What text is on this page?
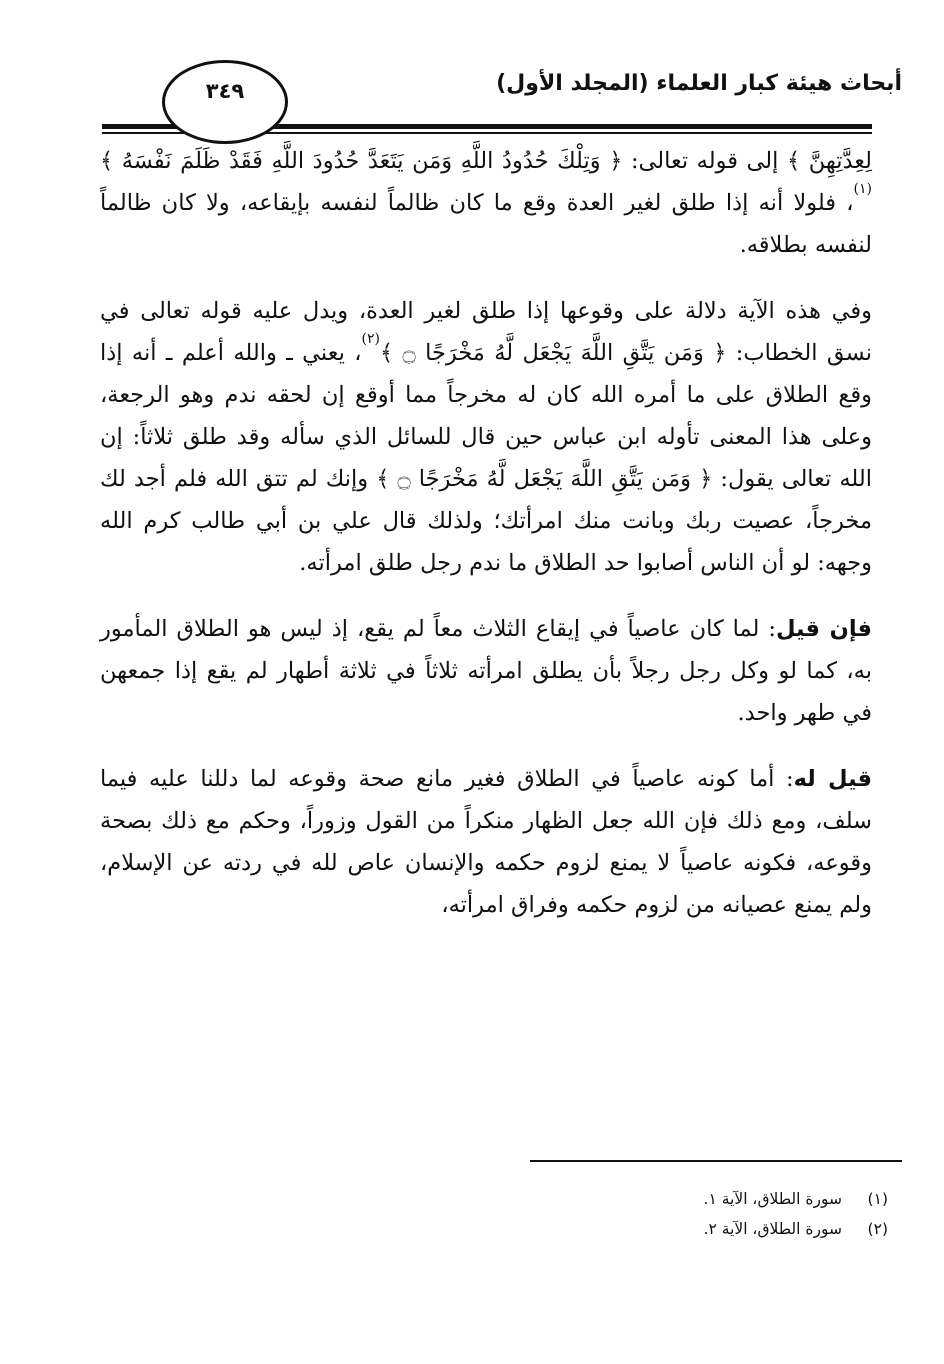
أبحاث هيئة كبار العلماء (المجلد الأول)
٣٤٩

لِعِدَّتِهِنَّ ﴾ إلى قوله تعالى: ﴿ وَتِلْكَ حُدُودُ اللَّهِ وَمَن يَتَعَدَّ حُدُودَ اللَّهِ فَقَدْ ظَلَمَ نَفْسَهُ ﴾$^{(١)}$، فلولا أنه إذا طلق لغير العدة وقع ما كان ظالماً لنفسه بإيقاعه، ولا كان ظالماً لنفسه بطلاقه.

وفي هذه الآية دلالة على وقوعها إذا طلق لغير العدة، ويدل عليه قوله تعالى في نسق الخطاب: ﴿ وَمَن يَتَّقِ اللَّهَ يَجْعَل لَّهُ مَخْرَجًا ۝ ﴾$^{(٢)}$، يعني ـ والله أعلم ـ أنه إذا وقع الطلاق على ما أمره الله كان له مخرجاً مما أوقع إن لحقه ندم وهو الرجعة، وعلى هذا المعنى تأوله ابن عباس حين قال للسائل الذي سأله وقد طلق ثلاثاً: إن الله تعالى يقول: ﴿ وَمَن يَتَّقِ اللَّهَ يَجْعَل لَّهُ مَخْرَجًا ۝ ﴾ وإنك لم تتق الله فلم أجد لك مخرجاً، عصيت ربك وبانت منك امرأتك؛ ولذلك قال علي بن أبي طالب كرم الله وجهه: لو أن الناس أصابوا حد الطلاق ما ندم رجل طلق امرأته.

فإن قيل: لما كان عاصياً في إيقاع الثلاث معاً لم يقع، إذ ليس هو الطلاق المأمور به، كما لو وكل رجل رجلاً بأن يطلق امرأته ثلاثاً في ثلاثة أطهار لم يقع إذا جمعهن في طهر واحد.

قيل له: أما كونه عاصياً في الطلاق فغير مانع صحة وقوعه لما دللنا عليه فيما سلف، ومع ذلك فإن الله جعل الظهار منكراً من القول وزوراً، وحكم مع ذلك بصحة وقوعه، فكونه عاصياً لا يمنع لزوم حكمه والإنسان عاص لله في ردته عن الإسلام، ولم يمنع عصيانه من لزوم حكمه وفراق امرأته،

(١)سورة الطلاق، الآية ١.
(٢)سورة الطلاق، الآية ٢.
